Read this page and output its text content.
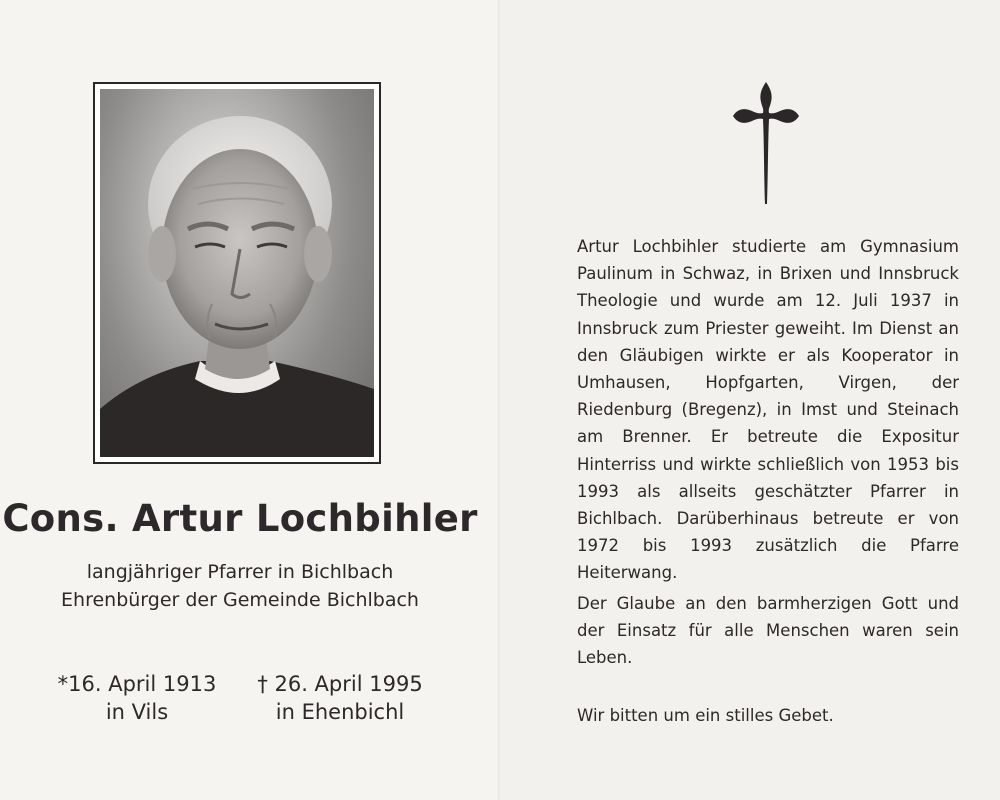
Cons. Artur Lochbihler
langjähriger Pfarrer in Bichlbach
Ehrenbürger der Gemeinde Bichlbach
*16. April 1913
in Vils
† 26. April 1995
in Ehenbichl

Artur Lochbihler studierte am Gymnasium Paulinum in Schwaz, in Brixen und Innsbruck Theologie und wurde am 12. Juli 1937 in Innsbruck zum Priester geweiht. Im Dienst an den Gläubigen wirkte er als Kooperator in Umhausen, Hopfgarten, Virgen, der Riedenburg (Bregenz), in Imst und Steinach am Brenner. Er betreute die Expositur Hinterriss und wirkte schließlich von 1953 bis 1993 als allseits geschätzter Pfarrer in Bichlbach. Darüberhinaus betreute er von 1972 bis 1993 zusätzlich die Pfarre Heiterwang.

Der Glaube an den barmherzigen Gott und der Einsatz für alle Menschen waren sein Leben.

Wir bitten um ein stilles Gebet.
